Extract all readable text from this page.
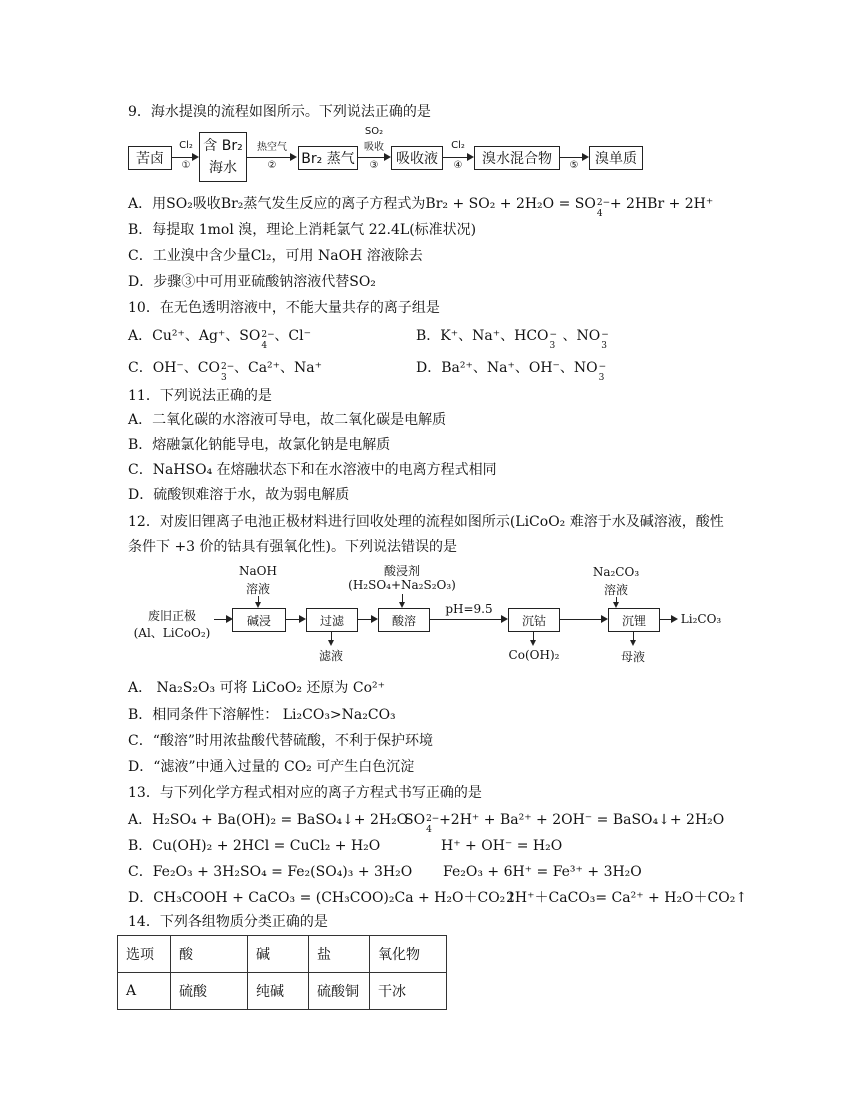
9．海水提溴的流程如图所示。下列说法正确的是
苦卤
Cl₂
①
含 Br₂
海水
热空气
②	Br₂ 蒸气
SO₂
吸收
③	吸收液
Cl₂
④	溴水混合物	⑤	溴单质
A．用SO₂吸收Br₂蒸气发生反应的离子方程式为Br₂ + SO₂ + 2H₂O = SO 2−
4
+ 2HBr + 2H⁺
B．每提取 1mol 溴，理论上消耗氯气 22.4L(标准状况)
C．工业溴中含少量Cl₂，可用 NaOH 溶液除去
D．步骤③中可用亚硫酸钠溶液代替SO₂
10．在无色透明溶液中，不能大量共存的离子组是
A．Cu²⁺、Ag⁺、SO 2−
4
、Cl⁻	B．K⁺、Na⁺、HCO −
3
、NO −
3
C．OH⁻、CO 2−
3
、Ca²⁺、Na⁺	D．Ba²⁺、Na⁺、OH⁻、NO −
3
11．下列说法正确的是
A．二氧化碳的水溶液可导电，故二氧化碳是电解质
B．熔融氯化钠能导电，故氯化钠是电解质
C．NaHSO₄ 在熔融状态下和在水溶液中的电离方程式相同
D．硫酸钡难溶于水，故为弱电解质
12．对废旧锂离子电池正极材料进行回收处理的流程如图所示(LiCoO₂ 难溶于水及碱溶液，酸性
条件下 +3 价的钴具有强氧化性)。下列说法错误的是
废旧正极
(Al、LiCoO₂)
NaOH
溶液
碱浸	过滤
滤液
酸浸剂
(H₂SO₄+Na₂S₂O₃)
酸溶
pH=9.5
沉钴
Co(OH)₂
Na₂CO₃
溶液
沉锂
母液
Li₂CO₃
A． Na₂S₂O₃ 可将 LiCoO₂ 还原为 Co²⁺
B．相同条件下溶解性： Li₂CO₃>Na₂CO₃
C．“酸溶”时用浓盐酸代替硫酸，不利于保护环境
D．“滤液”中通入过量的 CO₂ 可产生白色沉淀
13．与下列化学方程式相对应的离子方程式书写正确的是
A．H₂SO₄ + Ba(OH)₂ = BaSO₄↓+ 2H₂O
SO 2−
4
+2H⁺ + Ba²⁺ + 2OH⁻ = BaSO₄↓+ 2H₂O
B．Cu(OH)₂ + 2HCl = CuCl₂ + H₂O	H⁺ + OH⁻ = H₂O
C．Fe₂O₃ + 3H₂SO₄ = Fe₂(SO₄)₃ + 3H₂O Fe₂O₃ + 6H⁺ = Fe³⁺ + 3H₂O
D．CH₃COOH + CaCO₃ = (CH₃COO)₂Ca + H₂O＋CO₂↑
2H⁺＋CaCO₃= Ca²⁺ + H₂O＋CO₂↑
14．下列各组物质分类正确的是
选项	酸	碱	盐	氧化物
A	硫酸	纯碱	硫酸铜	干冰
